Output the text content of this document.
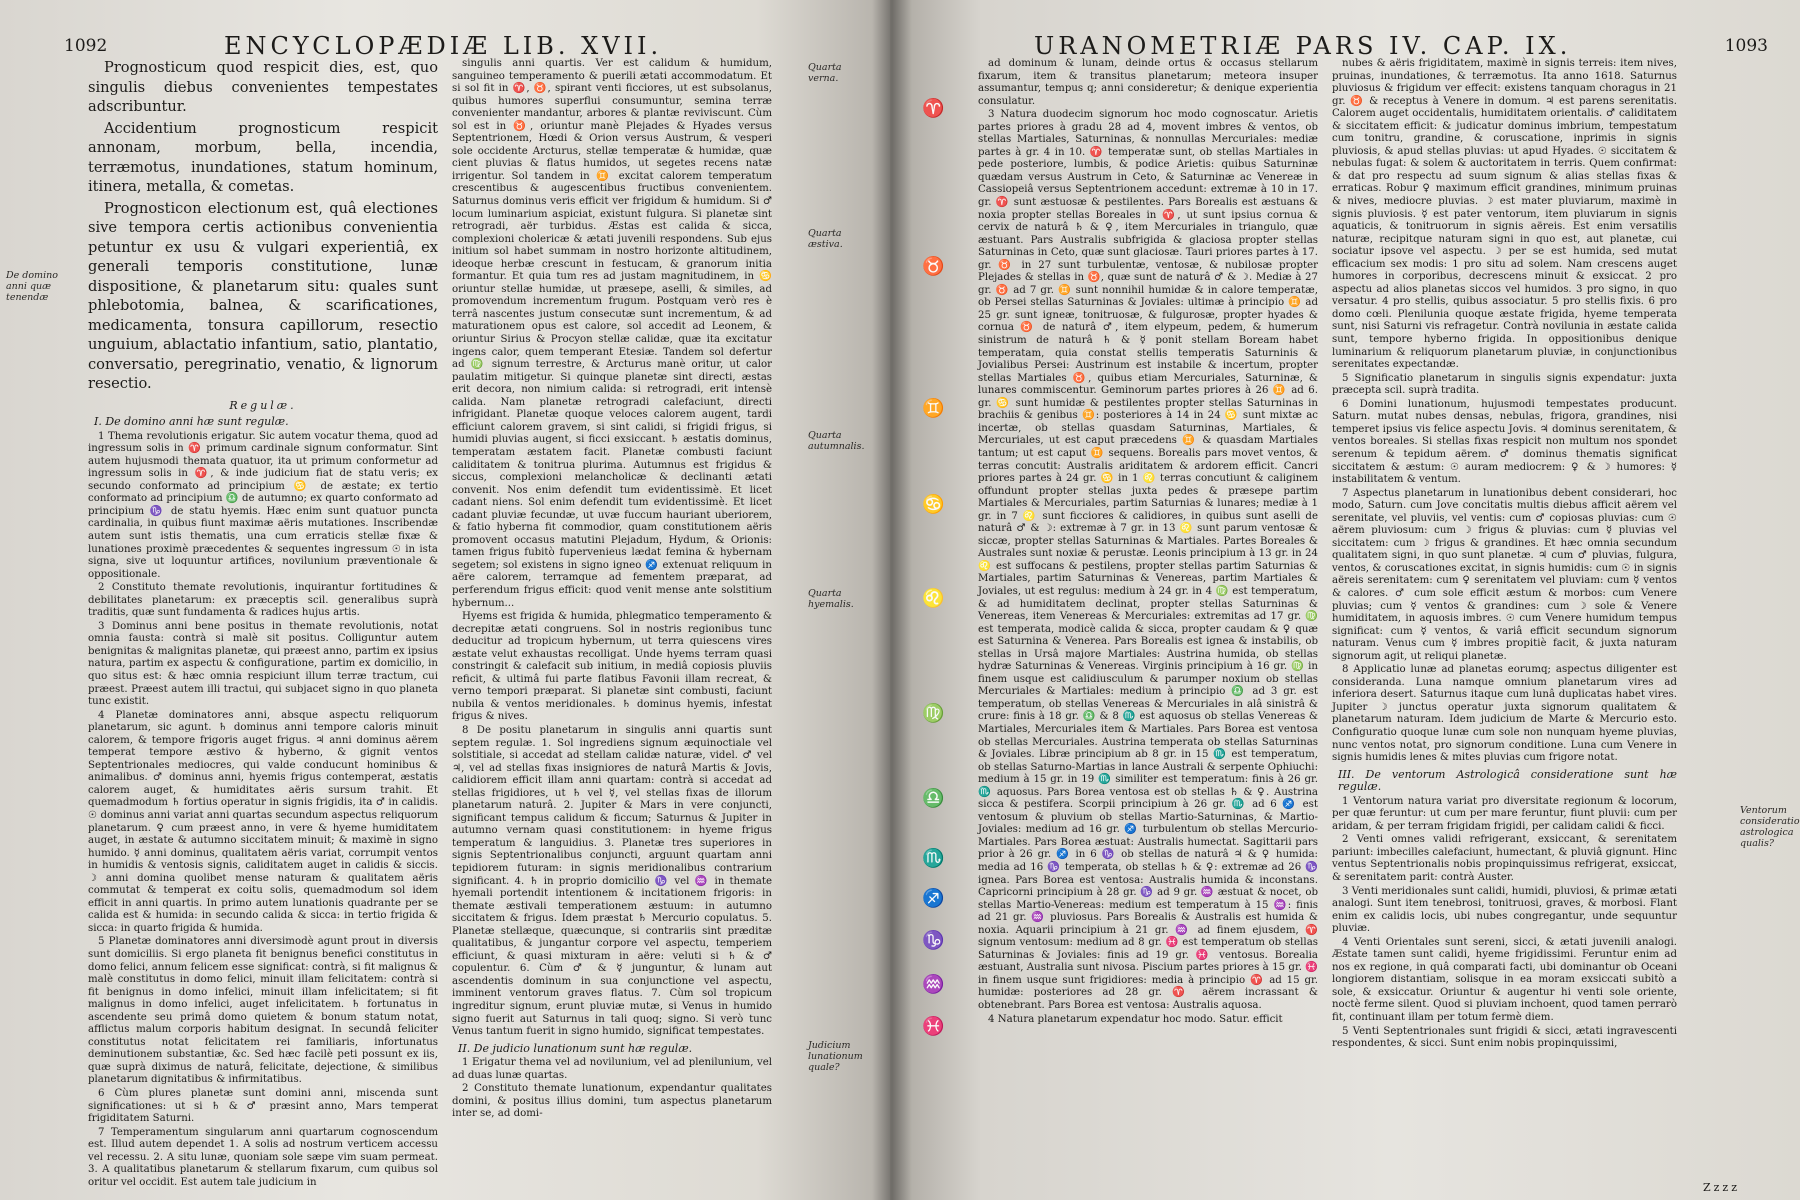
1092	ENCYCLOPÆDIÆ LIB. XVII.

Prognosticum quod respicit dies, est, quo singulis diebus convenientes tempestates adscribuntur.

Accidentium prognosticum respicit annonam, morbum, bella, incendia, terræmotus, inundationes, statum hominum, itinera, metalla, & cometas.

Prognosticon electionum est, quâ electiones sive tempora certis actionibus convenientia petuntur ex usu & vulgari experientiâ, ex generali temporis constitutione, lunæ dispositione, & planetarum situ: quales sunt phlebotomia, balnea, & scarificationes, medicamenta, tonsura capillorum, resectio unguium, ablactatio infantium, satio, plantatio, conversatio, peregrinatio, venatio, & lignorum resectio.

Regulæ.

I. De domino anni hæ sunt regulæ.

1 Thema revolutionis erigatur. Sic autem vocatur thema, quod ad ingressum solis in ♈ primum cardinale signum conformatur. Sint autem hujusmodi themata quatuor, ita ut primum conformetur ad ingressum solis in ♈, & inde judicium fiat de statu veris; ex secundo conformato ad principium ♋ de æstate; ex tertio conformato ad principium ♎ de autumno; ex quarto conformato ad principium ♑ de statu hyemis. Hæc enim sunt quatuor puncta cardinalia, in quibus fiunt maximæ aëris mutationes. Inscribendæ autem sunt istis thematis, una cum erraticis stellæ fixæ & lunationes proximè præcedentes & sequentes ingressum ☉ in ista signa, sive ut loquuntur artifices, novilunium præventionale & oppositionale.

2 Constituto themate revolutionis, inquirantur fortitudines & debilitates planetarum: ex præceptis scil. generalibus suprà traditis, quæ sunt fundamenta & radices hujus artis.

3 Dominus anni bene positus in themate revolutionis, notat omnia fausta: contrà si malè sit positus. Colliguntur autem benignitas & malignitas planetæ, qui præest anno, partim ex ipsius natura, partim ex aspectu & configuratione, partim ex domicilio, in quo situs est: & hæc omnia respiciunt illum terræ tractum, cui præest. Præest autem illi tractui, qui subjacet signo in quo planeta tunc existit.

4 Planetæ dominatores anni, absque aspectu reliquorum planetarum, sic agunt. ♄ dominus anni tempore caloris minuit calorem, & tempore frigoris auget frigus. ♃ anni dominus aërem temperat tempore æstivo & hyberno, & gignit ventos Septentrionales mediocres, qui valde conducunt hominibus & animalibus. ♂ dominus anni, hyemis frigus contemperat, æstatis calorem auget, & humiditates aëris sursum trahit. Et quemadmodum ♄ fortius operatur in signis frigidis, ita ♂ in calidis. ☉ dominus anni variat anni quartas secundum aspectus reliquorum planetarum. ♀ cum præest anno, in vere & hyeme humiditatem auget, in æstate & autumno siccitatem minuit; & maximè in signo humido. ☿ anni dominus, qualitatem aëris variat, corrumpit ventos in humidis & ventosis signis, caliditatem auget in calidis & siccis. ☽ anni domina quolibet mense naturam & qualitatem aëris commutat & temperat ex coitu solis, quemadmodum sol idem efficit in anni quartis. In primo autem lunationis quadrante per se calida est & humida: in secundo calida & sicca: in tertio frigida & sicca: in quarto frigida & humida.

5 Planetæ dominatores anni diversimodè agunt prout in diversis sunt domiciliis. Si ergo planeta fit benignus benefici constitutus in domo felici, annum felicem esse significat: contrà, si fit malignus & malè constitutus in domo felici, minuit illam felicitatem: contrà si fit benignus in domo infelici, minuit illam infelicitatem; si fit malignus in domo infelici, auget infelicitatem. ♄ fortunatus in ascendente seu primâ domo quietem & bonum statum notat, afflictus malum corporis habitum designat. In secundâ feliciter constitutus notat felicitatem rei familiaris, infortunatus deminutionem substantiæ, &c. Sed hæc facilè peti possunt ex iis, quæ suprà diximus de naturâ, felicitate, dejectione, & similibus planetarum dignitatibus & infirmitatibus.

6 Cùm plures planetæ sunt domini anni, miscenda sunt significationes: ut si ♄ & ♂ præsint anno, Mars temperat frigiditatem Saturni.

7 Temperamentum singularum anni quartarum cognoscendum est. Illud autem dependet 1. A solis ad nostrum verticem accessu vel recessu. 2. A situ lunæ, quoniam sole sæpe vim suam permeat. 3. A qualitatibus planetarum & stellarum fixarum, cum quibus sol oritur vel occidit. Est autem tale judicium in

singulis anni quartis. Ver est calidum & humidum, sanguineo temperamento & puerili ætati accommodatum. Et si sol fit in ♈, ♉, spirant venti ficciores, ut est subsolanus, quibus humores superflui consumuntur, semina terræ convenienter mandantur, arbores & plantæ reviviscunt. Cùm sol est in ♉, oriuntur manè Plejades & Hyades versus Septentrionem, Hœdi & Orion versus Austrum, & vesperi sole occidente Arcturus, stellæ temperatæ & humidæ, quæ cient pluvias & flatus humidos, ut segetes recens natæ irrigentur. Sol tandem in ♊ excitat calorem temperatum crescentibus & augescentibus fructibus convenientem. Saturnus dominus veris efficit ver frigidum & humidum. Si ♂ locum luminarium aspiciat, existunt fulgura. Si planetæ sint retrogradi, aër turbidus. Æstas est calida & sicca, complexioni cholericæ & ætati juvenili respondens. Sub ejus initium sol habet summam in nostro horizonte altitudinem, ideoque herbæ crescunt in festucam, & granorum initia formantur. Et quia tum res ad justam magnitudinem, in ♋ oriuntur stellæ humidæ, ut præsepe, aselli, & similes, ad promovendum incrementum frugum. Postquam verò res è terrâ nascentes justum consecutæ sunt incrementum, & ad maturationem opus est calore, sol accedit ad Leonem, & oriuntur Sirius & Procyon stellæ calidæ, quæ ita excitatur ingens calor, quem temperant Etesiæ. Tandem sol defertur ad ♍ signum terrestre, & Arcturus manè oritur, ut calor paulatim mitigetur. Si quinque planetæ sint directi, æstas erit decora, non nimium calida: si retrogradi, erit intensè calida. Nam planetæ retrogradi calefaciunt, directi infrigidant. Planetæ quoque veloces calorem augent, tardi efficiunt calorem gravem, si sint calidi, si frigidi frigus, si humidi pluvias augent, si ficci exsiccant. ♄ æstatis dominus, temperatam æstatem facit. Planetæ combusti faciunt caliditatem & tonitrua plurima. Autumnus est frigidus & siccus, complexioni melancholicæ & declinanti ætati convenit. Nos enim defendit tum evidentissimè. Et licet cadant niens. Sol enim defendit tum evidentissimè. Et licet cadant pluviæ fecundæ, ut uvæ fuccum hauriant uberiorem, & fatio hyberna fit commodior, quam constitutionem aëris promovent occasus matutini Plejadum, Hydum, & Orionis: tamen frigus fubitò fupervenieus lædat femina & hybernam segetem; sol existens in signo igneo ♐ extenuat reliquum in aëre calorem, terramque ad fementem præparat, ad perferendum frigus efficit: quod venit mense ante solstitium hybernum...

Hyems est frigida & humida, phlegmatico temperamento & decrepitæ ætati congruens. Sol in nostris regionibus tunc deducitur ad tropicum hybernum, ut terra quiescens vires æstate velut exhaustas recolligat. Unde hyems terram quasi constringit & calefacit sub initium, in mediâ copiosis pluviis reficit, & ultimâ fui parte flatibus Favonii illam recreat, & verno tempori præparat. Si planetæ sint combusti, faciunt nubila & ventos meridionales. ♄ dominus hyemis, infestat frigus & nives.

8 De positu planetarum in singulis anni quartis sunt septem regulæ. 1. Sol ingrediens signum æquinoctiale vel solstitiale, si accedat ad stellam calidæ naturæ, videl. ♂ vel ♃, vel ad stellas fixas insigniores de naturâ Martis & Jovis, calidiorem efficit illam anni quartam: contrà si accedat ad stellas frigidiores, ut ♄ vel ☿, vel stellas fixas de illorum planetarum naturâ. 2. Jupiter & Mars in vere conjuncti, significant tempus calidum & ficcum; Saturnus & Jupiter in autumno vernam quasi constitutionem: in hyeme frigus temperatum & languidius. 3. Planetæ tres superiores in signis Septentrionalibus conjuncti, arguunt quartam anni tepidiorem futuram: in signis meridionalibus contrarium significant. 4. ♄ in proprio domicilio ♑ vel ♒ in themate hyemali portendit intentionem & incitationem frigoris: in themate æstivali temperationem æstuum: in autumno siccitatem & frigus. Idem præstat ♄ Mercurio copulatus. 5. Planetæ stellæque, quæcunque, si contrariis sint præditæ qualitatibus, & jungantur corpore vel aspectu, temperiem efficiunt, & quasi mixturam in aëre: veluti si ♄ & ♂ copulentur. 6. Cùm ♂ & ☿ junguntur, & lunam aut ascendentis dominum in sua conjunctione vel aspectu, imminent ventorum graves flatus. 7. Cùm sol tropicum ingreditur signum, erunt pluviæ mutæ, si Venus in humido signo fuerit aut Saturnus in tali quoq; signo. Si verò tunc Venus tantum fuerit in signo humido, significat tempestates.

II. De judicio lunationum sunt hæ regulæ.

1 Erigatur thema vel ad novilunium, vel ad plenilunium, vel ad duas lunæ quartas.

2 Constituto themate lunationum, expendantur qualitates domini, & positus illius domini, tum aspectus planetarum inter se, ad domi-

De domino anni quæ tenendæ
Quarta verna.
Quarta æstiva.
Quarta autumnalis.
Quarta hyemalis.
Judicium lunationum quale?
URANOMETRIÆ PARS IV. CAP. IX.	1093

ad dominum & lunam, deinde ortus & occasus stellarum fixarum, item & transitus planetarum; meteora insuper assumantur, tempus q; anni consideretur; & denique experientia consulatur.

3 Natura duodecim signorum hoc modo cognoscatur. Arietis partes priores à gradu 28 ad 4, movent imbres & ventos, ob stellas Martiales, Saturninas, & nonnullas Mercuriales: mediæ partes à gr. 4 in 10. ♈ temperatæ sunt, ob stellas Martiales in pede posteriore, lumbis, & podice Arietis: quibus Saturninæ quædam versus Austrum in Ceto, & Saturninæ ac Venereæ in Cassiopeiâ versus Septentrionem accedunt: extremæ à 10 in 17. gr. ♈ sunt æstuosæ & pestilentes. Pars Borealis est æstuans & noxia propter stellas Boreales in ♈, ut sunt ipsius cornua & cervix de naturâ ♄ & ♀, item Mercuriales in triangulo, quæ æstuant. Pars Australis subfrigida & glaciosa propter stellas Saturninas in Ceto, quæ sunt glaciosæ. Tauri priores partes à 17. gr. ♉ in 27 sunt turbulentæ, ventosæ, & nubilosæ propter Plejades & stellas in ♉, quæ sunt de naturâ ♂ & ☽. Mediæ à 27 gr. ♉ ad 7 gr. ♊ sunt nonnihil humidæ & in calore temperatæ, ob Persei stellas Saturninas & Joviales: ultimæ à principio ♊ ad 25 gr. sunt igneæ, tonitruosæ, & fulgurosæ, propter hyades & cornua ♉ de naturâ ♂, item elypeum, pedem, & humerum sinistrum de naturâ ♄ & ☿ ponit stellam Boream habet temperatam, quia constat stellis temperatis Saturninis & Jovialibus Persei: Austrinum est instabile & incertum, propter stellas Martiales ♉, quibus etiam Mercuriales, Saturninæ, & lunares commiscentur. Geminorum partes priores à 26 ♊ ad 6. gr. ♋ sunt humidæ & pestilentes propter stellas Saturninas in brachiis & genibus ♊: posteriores à 14 in 24 ♋ sunt mixtæ ac incertæ, ob stellas quasdam Saturninas, Martiales, & Mercuriales, ut est caput præcedens ♊ & quasdam Martiales tantum; ut est caput ♊ sequens. Borealis pars movet ventos, & terras concutit: Australis ariditatem & ardorem efficit. Cancri priores partes à 24 gr. ♋ in 1 ♌ terras concutiunt & caliginem offundunt propter stellas juxta pedes & præsepe partim Martiales & Mercuriales, partim Saturnias & lunares; mediæ à 1 gr. in 7 ♌ sunt ficciores & calidiores, in quibus sunt aselli de naturâ ♂ & ☽: extremæ à 7 gr. in 13 ♌ sunt parum ventosæ & siccæ, propter stellas Saturninas & Martiales. Partes Boreales & Australes sunt noxiæ & perustæ. Leonis principium à 13 gr. in 24 ♌ est suffocans & pestilens, propter stellas partim Saturnias & Martiales, partim Saturninas & Venereas, partim Martiales & Joviales, ut est regulus: medium à 24 gr. in 4 ♍ est temperatum, & ad humiditatem declinat, propter stellas Saturninas & Venereas, item Venereas & Mercuriales: extremitas ad 17 gr. ♍ est temperata, modicè calida & sicca, propter caudam & ♀ quæ est Saturnina & Venerea. Pars Borealis est ignea & instabilis, ob stellas in Ursâ majore Martiales: Austrina humida, ob stellas hydræ Saturninas & Venereas. Virginis principium à 16 gr. ♍ in finem usque est calidiusculum & parumper noxium ob stellas Mercuriales & Martiales: medium à principio ♎ ad 3 gr. est temperatum, ob stellas Venereas & Mercuriales in alâ sinistrâ & crure: finis à 18 gr. ♎ & 8 ♏ est aquosus ob stellas Venereas & Martiales, Mercuriales item & Martiales. Pars Borea est ventosa ob stellas Mercuriales. Austrina temperata ob stellas Saturninas & Joviales. Libræ principium ab 8 gr. in 15 ♏ est temperatum, ob stellas Saturno-Martias in lance Australi & serpente Ophiuchi: medium à 15 gr. in 19 ♏ similiter est temperatum: finis à 26 gr. ♏ aquosus. Pars Borea ventosa est ob stellas ♄ & ♀. Austrina sicca & pestifera. Scorpii principium à 26 gr. ♏ ad 6 ♐ est ventosum & pluvium ob stellas Martio-Saturninas, & Martio-Joviales: medium ad 16 gr. ♐ turbulentum ob stellas Mercurio-Martiales. Pars Borea æstuat: Australis humectat. Sagittarii pars prior à 26 gr. ♐ in 6 ♑ ob stellas de naturâ ♃ & ♀ humida: media ad 16 ♑ temperata, ob stellas ♄ & ♀: extremæ ad 26 ♑ ignea. Pars Borea est ventosa: Australis humida & inconstans. Capricorni principium à 28 gr. ♑ ad 9 gr. ♒ æstuat & nocet, ob stellas Martio-Venereas: medium est temperatum à 15 ♒: finis ad 21 gr. ♒ pluviosus. Pars Borealis & Australis est humida & noxia. Aquarii principium à 21 gr. ♒ ad finem ejusdem, ♈ signum ventosum: medium ad 8 gr. ♓ est temperatum ob stellas Saturninas & Joviales: finis ad 19 gr. ♓ ventosus. Borealia æstuant, Australia sunt nivosa. Piscium partes priores à 15 gr. ♓ in finem usque sunt frigidiores: media à principio ♈ ad 15 gr. humidæ: posteriores ad 28 gr. ♈ aërem incrassant & obtenebrant. Pars Borea est ventosa: Australis aquosa.

4 Natura planetarum expendatur hoc modo. Satur. efficit

nubes & aëris frigiditatem, maximè in signis terreis: item nives, pruinas, inundationes, & terræmotus. Ita anno 1618. Saturnus pluviosus & frigidum ver effecit: existens tanquam choragus in 21 gr. ♉ & receptus à Venere in domum. ♃ est parens serenitatis. Calorem auget occidentalis, humiditatem orientalis. ♂ caliditatem & siccitatem efficit: & judicatur dominus imbrium, tempestatum cum tonitru, grandine, & coruscatione, inprimis in signis pluviosis, & apud stellas pluvias: ut apud Hyades. ☉ siccitatem & nebulas fugat: & solem & auctoritatem in terris. Quem confirmat: & dat pro respectu ad suum signum & alias stellas fixas & erraticas. Robur ♀ maximum efficit grandines, minimum pruinas & nives, mediocre pluvias. ☽ est mater pluviarum, maximè in signis pluviosis. ☿ est pater ventorum, item pluviarum in signis aquaticis, & tonitruorum in signis aëreis. Est enim versatilis naturæ, recipitque naturam signi in quo est, aut planetæ, cui sociatur ipsove vel aspectu. ☽ per se est humida, sed mutat efficacium sex modis: 1 pro situ ad solem. Nam crescens auget humores in corporibus, decrescens minuit & exsiccat. 2 pro aspectu ad alios planetas siccos vel humidos. 3 pro signo, in quo versatur. 4 pro stellis, quibus associatur. 5 pro stellis fixis. 6 pro domo cœli. Plenilunia quoque æstate frigida, hyeme temperata sunt, nisi Saturni vis refragetur. Contrà novilunia in æstate calida sunt, tempore hyberno frigida. In oppositionibus denique luminarium & reliquorum planetarum pluviæ, in conjunctionibus serenitates expectandæ.

5 Significatio planetarum in singulis signis expendatur: juxta præcepta scil. suprà tradita.

6 Domini lunationum, hujusmodi tempestates producunt. Saturn. mutat nubes densas, nebulas, frigora, grandines, nisi temperet ipsius vis felice aspectu Jovis. ♃ dominus serenitatem, & ventos boreales. Si stellas fixas respicit non multum nos spondet serenum & tepidum aërem. ♂ dominus thematis significat siccitatem & æstum: ☉ auram mediocrem: ♀ & ☽ humores: ☿ instabilitatem & ventum.

7 Aspectus planetarum in lunationibus debent considerari, hoc modo, Saturn. cum Jove concitatis multis diebus afficit aërem vel serenitate, vel pluviis, vel ventis: cum ♂ copiosas pluvias: cum ☉ aërem pluviosum: cum ☽ frigus & pluvias: cum ☿ pluvias vel siccitatem: cum ☽ frigus & grandines. Et hæc omnia secundum qualitatem signi, in quo sunt planetæ. ♃ cum ♂ pluvias, fulgura, ventos, & coruscationes excitat, in signis humidis: cum ☉ in signis aëreis serenitatem: cum ♀ serenitatem vel pluviam: cum ☿ ventos & calores. ♂ cum sole efficit æstum & morbos: cum Venere pluvias; cum ☿ ventos & grandines: cum ☽ sole & Venere humiditatem, in aquosis imbres. ☉ cum Venere humidum tempus significat: cum ☿ ventos, & variâ efficit secundum signorum naturam. Venus cum ☿ imbres propitiè facit, & juxta naturam signorum agit, ut reliqui planetæ.

8 Applicatio lunæ ad planetas eorumq; aspectus diligenter est consideranda. Luna namque omnium planetarum vires ad inferiora desert. Saturnus itaque cum lunâ duplicatas habet vires. Jupiter ☽ junctus operatur juxta signorum qualitatem & planetarum naturam. Idem judicium de Marte & Mercurio esto. Configuratio quoque lunæ cum sole non nunquam hyeme pluvias, nunc ventos notat, pro signorum conditione. Luna cum Venere in signis humidis lenes & mites pluvias cum frigore notat.

III. De ventorum Astrologicâ consideratione sunt hæ regulæ.

1 Ventorum natura variat pro diversitate regionum & locorum, per quæ feruntur: ut cum per mare feruntur, fiunt pluvii: cum per aridam, & per terram frigidam frigidi, per calidam calidi & ficci.

2 Venti omnes validi refrigerant, exsiccant, & serenitatem pariunt: imbecilles calefaciunt, humectant, & pluviâ gignunt. Hinc ventus Septentrionalis nobis propinquissimus refrigerat, exsiccat, & serenitatem parit: contrà Auster.

3 Venti meridionales sunt calidi, humidi, pluviosi, & primæ ætati analogi. Sunt item tenebrosi, tonitruosi, graves, & morbosi. Flant enim ex calidis locis, ubi nubes congregantur, unde sequuntur pluviæ.

4 Venti Orientales sunt sereni, sicci, & ætati juvenili analogi. Æstate tamen sunt calidi, hyeme frigidissimi. Feruntur enim ad nos ex regione, in quâ comparati facti, ubi dominantur ob Oceani longiorem distantiam, solisque in ea moram exsiccati subitò a sole, & exsiccatur. Oriuntur & augentur hi venti sole oriente, noctè ferme silent. Quod si pluviam inchoent, quod tamen perrarò fit, continuant illam per totum fermè diem.

5 Venti Septentrionales sunt frigidi & sicci, ætati ingravescenti respondentes, & sicci. Sunt enim nobis propinquissimi,

♈
♉
♊
♋
♌
♍
♎
♏
♐
♑
♒
♓
Ventorum consideratio astrologica qualis?
Zzzz
